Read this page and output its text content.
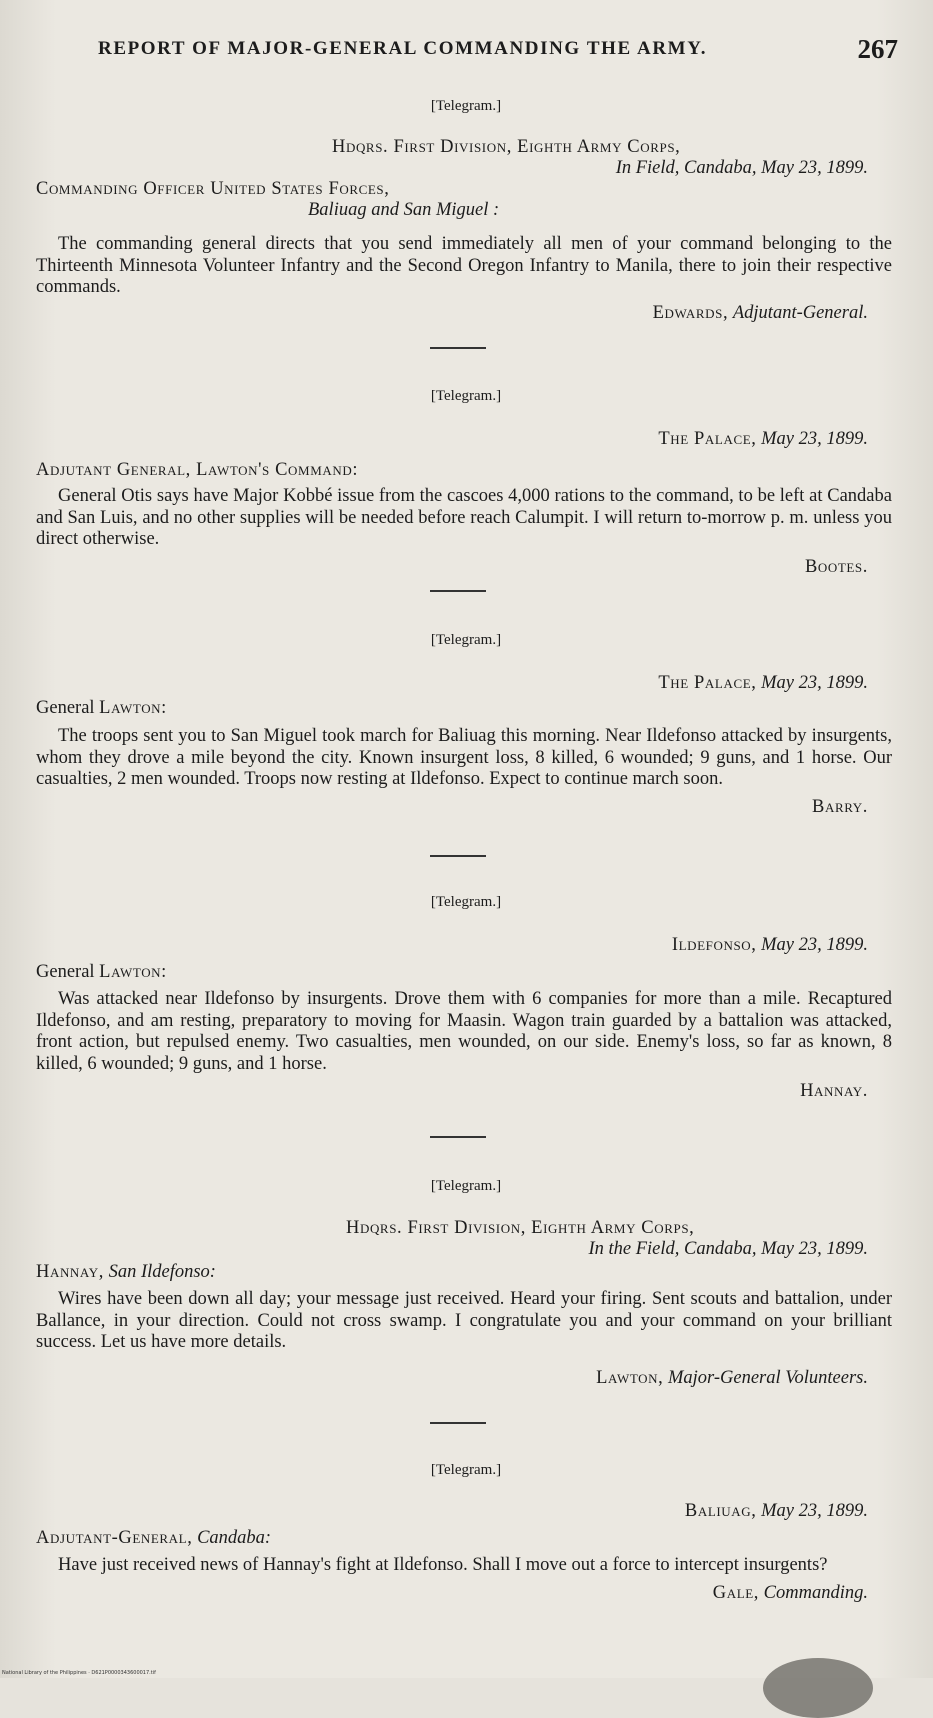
REPORT OF MAJOR-GENERAL COMMANDING THE ARMY.	267
[Telegram.]
Hdqrs. First Division, Eighth Army Corps,
In Field, Candaba, May 23, 1899.
Commanding Officer United States Forces,
Baliuag and San Miguel :

The commanding general directs that you send immediately all men of your command belonging to the Thirteenth Minnesota Volunteer Infantry and the Second Oregon Infantry to Manila, there to join their respective commands.

Edwards, Adjutant-General.
[Telegram.]
The Palace, May 23, 1899.
Adjutant General, Lawton's Command:

General Otis says have Major Kobbé issue from the cascoes 4,000 rations to the command, to be left at Candaba and San Luis, and no other supplies will be needed before reach Calumpit. I will return to-morrow p. m. unless you direct otherwise.

Bootes.
[Telegram.]
The Palace, May 23, 1899.
General Lawton:

The troops sent you to San Miguel took march for Baliuag this morning. Near Ildefonso attacked by insurgents, whom they drove a mile beyond the city. Known insurgent loss, 8 killed, 6 wounded; 9 guns, and 1 horse. Our casualties, 2 men wounded. Troops now resting at Ildefonso. Expect to continue march soon.

Barry.
[Telegram.]
Ildefonso, May 23, 1899.
General Lawton:

Was attacked near Ildefonso by insurgents. Drove them with 6 companies for more than a mile. Recaptured Ildefonso, and am resting, preparatory to moving for Maasin. Wagon train guarded by a battalion was attacked, front action, but repulsed enemy. Two casualties, men wounded, on our side. Enemy's loss, so far as known, 8 killed, 6 wounded; 9 guns, and 1 horse.

Hannay.
[Telegram.]
Hdqrs. First Division, Eighth Army Corps,
In the Field, Candaba, May 23, 1899.
Hannay, San Ildefonso:

Wires have been down all day; your message just received. Heard your firing. Sent scouts and battalion, under Ballance, in your direction. Could not cross swamp. I congratulate you and your command on your brilliant success. Let us have more details.

Lawton, Major-General Volunteers.
[Telegram.]
Baliuag, May 23, 1899.
Adjutant-General, Candaba:

Have just received news of Hannay's fight at Ildefonso. Shall I move out a force to intercept insurgents?

Gale, Commanding.
National Library of the Philippines · D621P0000343600017.tif
